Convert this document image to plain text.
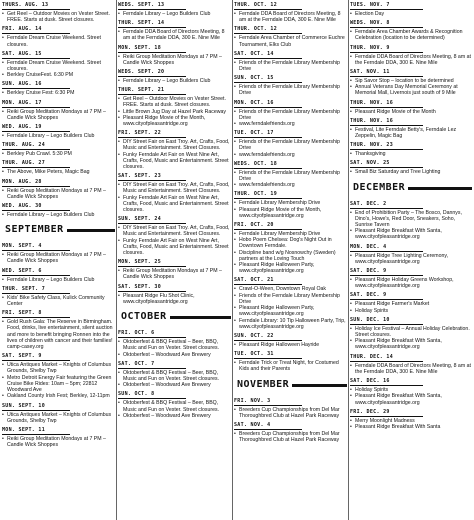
THURS. AUG. 13
• Get Reel – Outdoor Movies on Vester Street. FREE. Starts at dusk. Street closures.
FRI. AUG. 14
• Ferndale Dream Cruise Weekend. Street closures.
SAT. AUG. 15
• Ferndale Dream Cruise Weekend. Street closures.
• Berkley CruiseFest. 6:30 PM
SUN. AUG. 16
• Berkley Cruise Fest: 6:30 PM
MON. AUG. 17
• Reiki Group Meditation Mondays at 7 PM – Candle Wick Shoppes
WED. AUG. 19
• Ferndale Library – Lego Builders Club
THUR. AUG. 24
• Berkley Pub Crawl. 5:30 PM
THUR. AUG. 27
• The Above, Mike Peters, Magic Bag
MON. AUG. 28
• Reiki Group Meditation Mondays at 7 PM – Candle Wick Shoppes
WED. AUG. 30
• Ferndale Library – Lego Builders Club
SEPTEMBER
MON. SEPT. 4
• Reiki Group Meditation Mondays at 7 PM – Candle Wick Shoppes
WED. SEPT. 6
• Ferndale Library – Lego Builders Club
THUR. SEPT. 7
• Kids' Bike Safety Class, Kulick Community Center
FRI. SEPT. 8
• Gold Rush Gala: The Reserve in Birmingham. Food, drinks, live entertainment, silent auction and more to benefit bringing Ronnen into the lives of children with cancer and their families! camp-casey.org
SAT. SEPT. 9
• Utica Antiques Market – Knights of Columbus Grounds, Shelby Twp
• Metro Detroit Energy Fair featuring the Green Cruise Bike Rides: 10am – 5pm; 22812 Woodward Ave
• Oakland County Irish Fest; Berkley, 12-11pm
SUN. SEPT. 10
• Utica Antiques Market – Knights of Columbus Grounds, Shelby Twp
MON. SEPT. 11
• Reiki Group Meditation Mondays at 7 PM – Candle Wick Shoppes
WEDS. SEPT. 13
• Ferndale Library – Lego Builders Club
THUR. SEPT. 14
• Ferndale DDA Board of Directors Meeting, 8 am at the Ferndale DDA, 300 E. Nine Mile
MON. SEPT. 18
• Reiki Group Meditation Mondays at 7 PM – Candle Wick Shoppes
WEDS. SEPT. 20
• Ferndale Library – Lego Builders Club
THUR. SEPT. 21
• Get Reel – Outdoor Movies on Vester Street. FREE. Starts at dusk. Street closures.
• Little Brown Jug Day at Hazel Park Raceway
• Pleasant Ridge Movie of the Month, www.cityofpleasantridge.org
FRI. SEPT. 22
• DIY Street Fair on East Troy. Art, Crafts, Food, Music and Entertainment. Street Closures.
• Funky Ferndale Art Fair on West Nine Art, Crafts, Food, Music and Entertainment. Street closures.
SAT. SEPT. 23
• DIY Street Fair on East Troy. Art, Crafts, Food, Music and Entertainment. Street Closures.
• Funky Ferndale Art Fair on West Nine Art, Crafts, Food, Music and Entertainment. Street closures.
SUN. SEPT. 24
• DIY Street Fair on East Troy. Art, Crafts, Food, Music and Entertainment. Street Closures.
• Funky Ferndale Art Fair on West Nine Art, Crafts, Food, Music and Entertainment. Street closures.
MON. SEPT. 25
• Reiki Group Meditation Mondays at 7 PM – Candle Wick Shoppes
SAT. SEPT. 30
• Pleasant Ridge Flu Shot Clinic, www.cityofpleasantridge.org
OCTOBER
FRI. OCT. 6
• Oktoberfest & BBQ Festival – Beer, BBQ, Music and Fun on Vester. Street closures.
• Oktoberfest – Woodward Ave Brewery
SAT. OCT. 7
• Oktoberfest & BBQ Festival – Beer, BBQ, Music and Fun on Vester. Street closures.
• Oktoberfest – Woodward Ave Brewery
SUN. OCT. 8
• Oktoberfest & BBQ Festival – Beer, BBQ, Music and Fun on Vester. Street closures.
• Oktoberfest – Woodward Ave Brewery
THUR. OCT. 12
• Ferndale DDA Board of Directors Meeting, 8 am at the Ferndale DDA, 300 E. Nine Mile
THUR. OCT. 12
• Ferndale Area Chamber of Commerce Euchre Tournament, Elks Club
SAT. OCT. 14
• Friends of the Ferndale Library Membership Drive
SUN. OCT. 15
• Friends of the Ferndale Library Membership Drive
MON. OCT. 16
• Friends of the Ferndale Library Membership Drive
• www.ferndalefriends.org
TUE. OCT. 17
• Friends of the Ferndale Library Membership Drive
• www.ferndalefriends.org
WEDS. OCT. 18
• Friends of the Ferndale Library Membership Drive
• www.ferndalefriends.org
THUR. OCT. 19
• Ferndale Library Membership Drive
• Pleasant Ridge Movie of the Month, www.cityofpleasantridge.org
FRI. OCT. 20
• Ferndale Library Membership Drive
• Hobo Poem Chelsea: Dog's Night Out in Downtown Ferndale.
• Discipline band w/g Nosnowchy (Sweden) partners at the Loving Touch
• Pleasant Ridge Halloween Party, www.cityofpleasantridge.org
SAT. OCT. 21
• Crawl-O-Ween, Downtown Royal Oak
• Friends of the Ferndale Library Membership Drive
• Pleasant Ridge Halloween Party, www.cityofpleasantridge.org
• Ferndale Library: 10 Tip Halloween Party, Trip, www.cityofpleasantridge.org
SUN. OCT. 22
• Pleasant Ridge Halloween Hayride
TUE. OCT. 31
• Ferndale Trick or Treat Night, for Costumed Kids and their Parents
NOVEMBER
FRI. NOV. 3
• Breeders Cup Championships from Del Mar Thoroughbred Club at Hazel Park Raceway
SAT. NOV. 4
• Breeders Cup Championships from Del Mar Thoroughbred Club at Hazel Park Raceway
TUES. NOV. 7
• Election Day
WEDS. NOV. 8
• Ferndale Area Chamber Awards & Recognition Celebration (location to be determined)
THUR. NOV. 9
• Ferndale DDA Board of Directors Meeting, 8 am at the Ferndale DDA, 300 E. Nine Mile
SAT. NOV. 11
• Sip Savor Stop – location to be determined
• Annual Veterans Day Memorial Ceremony at Memorial Mall, Livernois just south of 9 Mile
THUR. NOV. 16
• Pleasant Ridge Movie of the Month
THUR. NOV. 16
• Festival, Lite Ferndale Betty's, Ferndale Lez Zeppelin, Magic Bag
THUR. NOV. 23
• Thanksgiving
SAT. NOV. 25
• Small Biz Saturday and Tree Lighting
DECEMBER
SAT. DEC. 2
• End of Prohibition Party – The Bosco, Dannys, Dino's, Howe's, Red Door, Sneakers, Soho, Sunrise Tavern
• Pleasant Ridge Breakfast With Santa, www.cityofpleasantridge.org
MON. DEC. 4
• Pleasant Ridge Tree Lighting Ceremony, www.cityofpleasantridge.org
SAT. DEC. 9
• Pleasant Ridge Holiday Greens Workshop, www.cityofpleasantridge.org
SAT. DEC. 9
• Pleasant Ridge Farmer's Market
• Holiday Spirits
SUN. DEC. 10
• Holiday Ice Festival – Annual Holiday Celebration. Street closures.
• Pleasant Ridge Breakfast With Santa, www.cityofpleasantridge.org
THUR. DEC. 14
• Ferndale DDA Board of Directors Meeting, 8 am at the Ferndale DDA, 300 E. Nine Mile
SAT. DEC. 16
• Holiday Spirits
• Pleasant Ridge Breakfast With Santa, www.cityofpleasantridge.org
FRI. DEC. 29
• Merry Moonlight Madness
• Pleasant Ridge Breakfast With Santa
